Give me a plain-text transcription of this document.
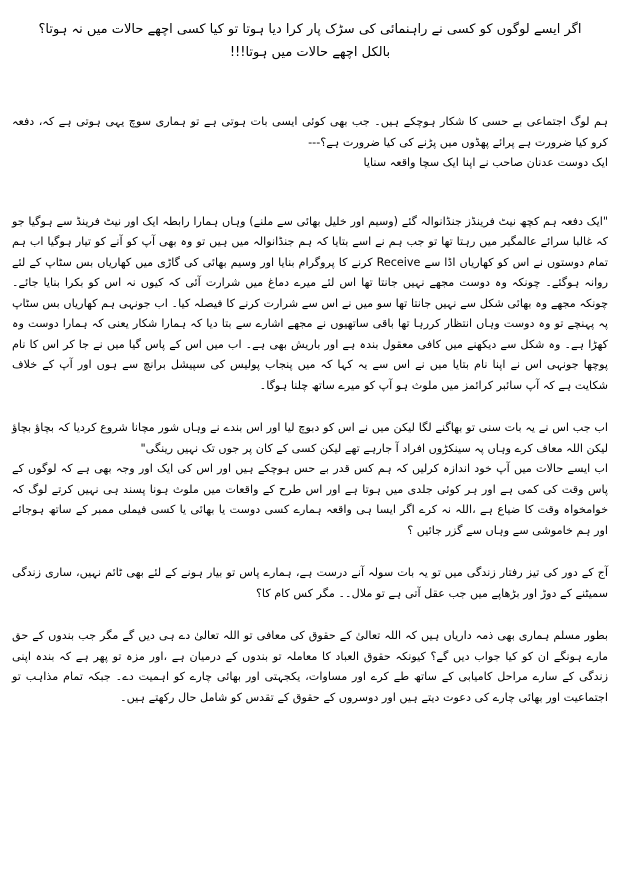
اگر ایسے لوگوں کو کسی نے راہنمائی کی سڑک پار کرا دیا ہوتا تو کیا کسی اچھے حالات میں نہ ہوتا؟

بالکل اچھے حالات میں ہوتا!!!

ہم لوگ اجتماعی بے حسی کا شکار ہوچکے ہیں۔ جب بھی کوئی ایسی بات ہوتی ہے تو ہماری سوچ یہی ہوتی ہے کہ، دفعہ کرو کیا ضرورت ہے پرائے پھڈوں میں پڑنے کی کیا ضرورت ہے؟---

ایک دوست عدنان صاحب نے اپنا ایک سچا واقعہ سنایا

"ایک دفعہ ہم کچھ نیٹ فرینڈز جنڈانوالہ گئے (وسیم اور خلیل بھائی سے ملنے) وہاں ہمارا رابطہ ایک اور نیٹ فرینڈ سے ہوگیا جو کہ غالبا سرائے عالمگیر میں رہتا تھا تو جب ہم نے اسے بتایا کہ ہم جنڈانوالہ میں ہیں تو وہ بھی آپ کو آنے کو تیار ہوگیا اب ہم تمام دوستوں نے اس کو کھاریاں اڈا سے Receive کرنے کا پروگرام بنایا اور وسیم بھائی کی گاڑی میں کھاریاں بس سٹاپ کے لئے روانہ ہوگئے۔ چونکہ وہ دوست مجھے نہیں جانتا تھا اس لئے میرے دماغ میں شرارت آئی کہ کیوں نہ اس کو بکرا بنایا جائے۔ چونکہ مجھے وہ بھائی شکل سے نہیں جانتا تھا سو میں نے اس سے شرارت کرنے کا فیصلہ کیا۔ اب جونہی ہم کھاریاں بس سٹاپ پہ پہنچے تو وہ دوست وہاں انتظار کررہا تھا باقی ساتھیوں نے مجھے اشارے سے بتا دیا کہ ہمارا شکار یعنی کہ ہمارا دوست وہ کھڑا ہے۔ وہ شکل سے دیکھنے میں کافی معقول بندہ ہے اور باریش بھی ہے۔ اب میں اس کے پاس گیا میں نے جا کر اس کا نام پوچھا جونہی اس نے اپنا نام بتایا میں نے اس سے یہ کہا کہ میں پنجاب پولیس کی سپیشل برانچ سے ہوں اور آپ کے خلاف شکایت ہے کہ آپ سائبر کرائمز میں ملوث ہو آپ کو میرے ساتھ چلنا ہوگا۔

اب جب اس نے یہ بات سنی تو بھاگنے لگا لیکن میں نے اس کو دبوچ لیا اور اس بندے نے وہاں شور مچانا شروع کردیا کہ بچاؤ بچاؤ لیکن اللہ معاف کرے وہاں پہ سینکڑوں افراد آ جارہے تھے لیکن کسی کے کان پر جوں تک نہیں رینگی"

اب ایسے حالات میں آپ خود اندازہ کرلیں کہ ہم کس قدر بے حس ہوچکے ہیں اور اس کی ایک اور وجہ بھی ہے کہ لوگوں کے پاس وقت کی کمی ہے اور ہر کوئی جلدی میں ہوتا ہے اور اس طرح کے واقعات میں ملوث ہونا پسند ہی نہیں کرتے لوگ کہ خوامخواہ وقت کا ضیاع ہے ،اللہ نہ کرے اگر ایسا ہی واقعہ ہمارے کسی دوست یا بھائی یا کسی فیملی ممبر کے ساتھ ہوجائے اور ہم خاموشی سے وہاں سے گزر جائیں ؟

آج کے دور کی تیز رفتار زندگی میں تو یہ بات سولہ آنے درست ہے، ہمارے پاس تو بیار ہونے کے لئے بھی ٹائم نہیں، ساری زندگی سمیٹنے کے دوڑ اور بڑھاپے میں جب عقل آتی ہے تو ملال۔۔ مگر کس کام کا؟

بطور مسلم ہماری بھی ذمہ داریاں ہیں کہ اللہ تعالیٰ کے حقوق کی معافی تو اللہ تعالیٰ دے ہی دیں گے مگر جب بندوں کے حق مارے ہونگے ان کو کیا جواب دیں گے؟ کیونکہ حقوق العباد کا معاملہ تو بندوں کے درمیان ہے ،اور مزہ تو پھر ہے کہ بندہ اپنی زندگی کے سارے مراحل کامیابی کے ساتھ طے کرے اور مساوات، یکجہتی اور بھائی چارے کو اہمیت دے۔ جبکہ تمام مذاہب تو اجتماعیت اور بھائی چارے کی دعوت دیتے ہیں اور دوسروں کے حقوق کے تقدس کو شامل حال رکھتے ہیں۔
